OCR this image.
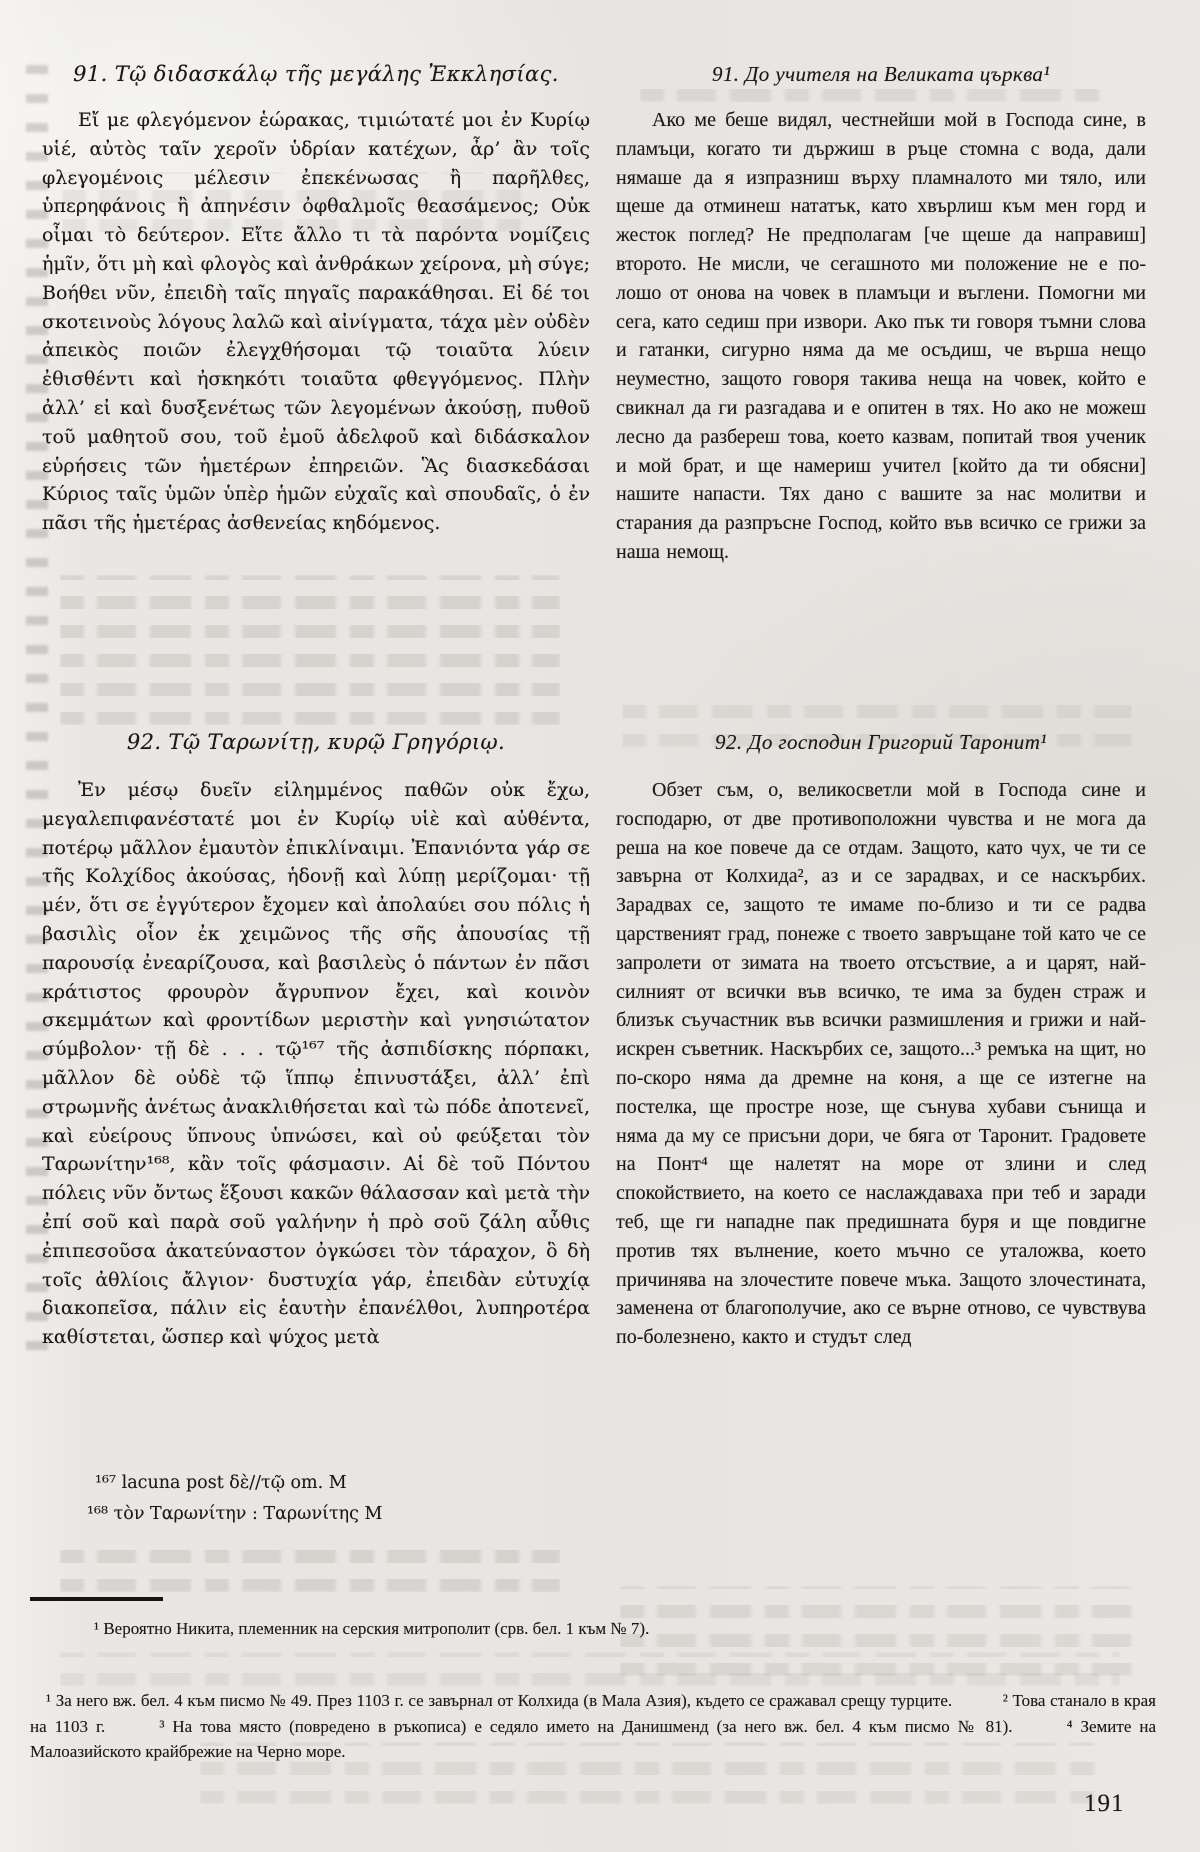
91. Τῷ διδασκάλῳ τῆς μεγάλης Ἐκκλησίας.
Εἴ με φλεγόμενον ἑώρακας, τιμιώτατέ μοι ἐν Κυρίῳ υἱέ, αὐτὸς ταῖν χεροῖν ὑδρίαν κατέχων, ἆρ’ ἂν τοῖς φλεγομένοις μέλεσιν ἐπεκένωσας ἢ παρῆλθες, ὑπερηφάνοις ἢ ἀπηνέσιν ὀφθαλμοῖς θεασάμενος; Οὐκ οἶμαι τὸ δεύτερον. Εἴτε ἄλλο τι τὰ παρόντα νομίζεις ἡμῖν, ὅτι μὴ καὶ φλογὸς καὶ ἀνθράκων χείρονα, μὴ σύγε; Βοήθει νῦν, ἐπειδὴ ταῖς πηγαῖς παρακάθησαι. Εἰ δέ τοι σκοτεινοὺς λόγους λαλῶ καὶ αἰνίγματα, τάχα μὲν οὐδὲν ἀπεικὸς ποιῶν ἐλεγχθήσομαι τῷ τοιαῦτα λύειν ἐθισθέντι καὶ ἠσκηκότι τοιαῦτα φθεγγόμενος. Πλὴν ἀλλ’ εἰ καὶ δυσξενέτως τῶν λεγομένων ἀκούσῃ, πυθοῦ τοῦ μαθητοῦ σου, τοῦ ἐμοῦ ἀδελφοῦ καὶ διδάσκαλον εὑρήσεις τῶν ἡμετέρων ἐπηρειῶν. Ἃς διασκεδάσαι Κύριος ταῖς ὑμῶν ὑπὲρ ἡμῶν εὐχαῖς καὶ σπουδαῖς, ὁ ἐν πᾶσι τῆς ἡμετέρας ἀσθενείας κηδόμενος.
92. Τῷ Ταρωνίτῃ, κυρῷ Γρηγόριῳ.
Ἐν μέσῳ δυεῖν εἰλημμένος παθῶν οὐκ ἔχω, μεγαλεπιφανέστατέ μοι ἐν Κυρίῳ υἱὲ καὶ αὐθέντα, ποτέρῳ μᾶλλον ἐμαυτὸν ἐπικλίναιμι. Ἐπανιόντα γάρ σε τῆς Κολχίδος ἀκούσας, ἡδονῇ καὶ λύπῃ μερίζομαι· τῇ μέν, ὅτι σε ἐγγύτερον ἔχομεν καὶ ἀπολαύει σου πόλις ἡ βασιλὶς οἷον ἐκ χειμῶνος τῆς σῆς ἀπουσίας τῇ παρουσίᾳ ἐνεαρίζουσα, καὶ βασιλεὺς ὁ πάντων ἐν πᾶσι κράτιστος φρουρὸν ἄγρυπνον ἔχει, καὶ κοινὸν σκεμμάτων καὶ φροντίδων μεριστὴν καὶ γνησιώτατον σύμβολον· τῇ δὲ . . . τῷ¹⁶⁷ τῆς ἀσπιδίσκης πόρπακι, μᾶλλον δὲ οὐδὲ τῷ ἵππῳ ἐπινυστάξει, ἀλλ’ ἐπὶ στρωμνῆς ἀνέτως ἀνακλιθήσεται καὶ τὼ πόδε ἀποτενεῖ, καὶ εὐείρους ὕπνους ὑπνώσει, καὶ οὐ φεύξεται τὸν Ταρωνίτην¹⁶⁸, κἂν τοῖς φάσμασιν. Αἱ δὲ τοῦ Πόντου πόλεις νῦν ὄντως ἕξουσι κακῶν θάλασσαν καὶ μετὰ τὴν ἐπί σοῦ καὶ παρὰ σοῦ γαλήνην ἡ πρὸ σοῦ ζάλη αὖθις ἐπιπεσοῦσα ἀκατεύναστον ὀγκώσει τὸν τάραχον, ὃ δὴ τοῖς ἀθλίοις ἄλγιον· δυστυχία γάρ, ἐπειδὰν εὐτυχίᾳ διακοπεῖσα, πάλιν εἰς ἑαυτὴν ἐπανέλθοι, λυπηροτέρα καθίστεται, ὥσπερ καὶ ψύχος μετὰ
¹⁶⁷ lacuna post δὲ//τῷ om. M
¹⁶⁸ τὸν Ταρωνίτην : Ταρωνίτης M
91. До учителя на Великата църква¹
Ако ме беше видял, честнейши мой в Господа сине, в пламъци, когато ти държиш в ръце стомна с вода, дали нямаше да я изпразниш върху пламналото ми тяло, или щеше да отминеш нататък, като хвърлиш към мен горд и жесток поглед? Не предполагам [че щеше да направиш] второто. Не мисли, че сегашното ми положение не е по-лошо от онова на човек в пламъци и въглени. Помогни ми сега, като седиш при извори. Ако пък ти говоря тъмни слова и гатанки, сигурно няма да ме осъдиш, че върша нещо неуместно, защото говоря такива неща на човек, който е свикнал да ги разгадава и е опитен в тях. Но ако не можеш лесно да разбереш това, което казвам, попитай твоя ученик и мой брат, и ще намериш учител [който да ти обясни] нашите напасти. Тях дано с вашите за нас молитви и старания да разпръсне Господ, който във всичко се грижи за наша немощ.
92. До господин Григорий Таронит¹
Обзет съм, о, великосветли мой в Господа сине и господарю, от две противоположни чувства и не мога да реша на кое повече да се отдам. Защото, като чух, че ти се завърна от Колхида², аз и се зарадвах, и се наскърбих. Зарадвах се, защото те имаме по-близо и ти се радва царственият град, понеже с твоето завръщане той като че се запролети от зимата на твоето отсъствие, а и царят, най-силният от всички във всичко, те има за буден страж и близък съучастник във всички размишления и грижи и най-искрен съветник. Наскърбих се, защото...³ ремъка на щит, но по-скоро няма да дремне на коня, а ще се изтегне на постелка, ще простре нозе, ще сънува хубави сънища и няма да му се присъни дори, че бяга от Таронит. Градовете на Понт⁴ ще налетят на море от злини и след спокойствието, на което се наслаждаваха при теб и заради теб, ще ги нападне пак предишната буря и ще повдигне против тях вълнение, което мъчно се уталожва, което причинява на злочестите повече мъка. Защото злочестината, заменена от благополучие, ако се върне отново, се чувствува по-болезнено, както и студът след
¹ Вероятно Никита, племенник на серския митрополит (срв. бел. 1 към № 7).
¹ За него вж. бел. 4 към писмо № 49. През 1103 г. се завърнал от Колхида (в Мала Азия), където се сражавал срещу турците.	² Това станало в края на 1103 г.	³ На това място (повредено в ръкописа) е седяло името на Данишменд (за него вж. бел. 4 към писмо № 81).	⁴ Земите на Малоазийското крайбрежие на Черно море.
191
